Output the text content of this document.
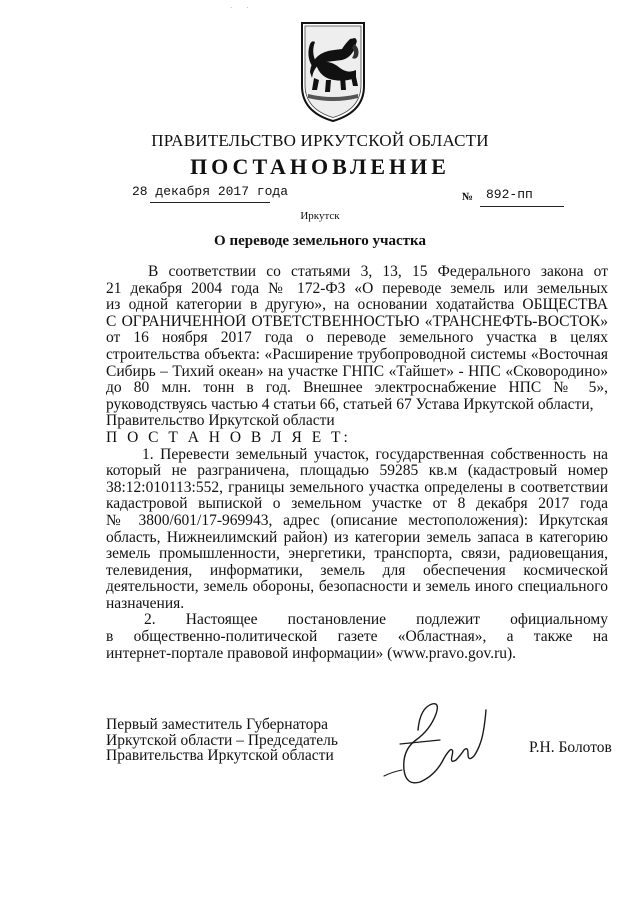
· ·
ПРАВИТЕЛЬСТВО ИРКУТСКОЙ ОБЛАСТИ
ПОСТАНОВЛЕНИЕ
28 декабря 2017 года	№ 892-пп
Иркутск
О переводе земельного участка
В соответствии со статьями 3, 13, 15 Федерального закона от
21 декабря 2004 года № 172-ФЗ «О переводе земель или земельных
из одной категории в другую», на основании ходатайства ОБЩЕСТВА
С ОГРАНИЧЕННОЙ ОТВЕТСТВЕННОСТЬЮ «ТРАНСНЕФТЬ-ВОСТОК»
от 16 ноября 2017 года о переводе земельного участка в целях
строительства объекта: «Расширение трубопроводной системы «Восточная
Сибирь – Тихий океан» на участке ГНПС «Тайшет» - НПС «Сковородино»
до 80 млн. тонн в год. Внешнее электроснабжение НПС № 5»,
руководствуясь частью 4 статьи 66, статьей 67 Устава Иркутской области,
Правительство Иркутской области
П О С Т А Н О В Л Я Е Т:
1. Перевести земельный участок, государственная собственность на
который не разграничена, площадью 59285 кв.м (кадастровый номер
38:12:010113:552, границы земельного участка определены в соответствии
кадастровой выпиской о земельном участке от 8 декабря 2017 года
№ 3800/601/17-969943, адрес (описание местоположения): Иркутская
область, Нижнеилимский район) из категории земель запаса в категорию
земель промышленности, энергетики, транспорта, связи, радиовещания,
телевидения, информатики, земель для обеспечения космической
деятельности, земель обороны, безопасности и земель иного специального
назначения.
2. Настоящее постановление подлежит официальному
в общественно-политической газете «Областная», а также на
интернет-портале правовой информации» (www.pravo.gov.ru).
Первый заместитель Губернатора
Иркутской области – Председатель
Правительства Иркутской области	Р.Н. Болотов
